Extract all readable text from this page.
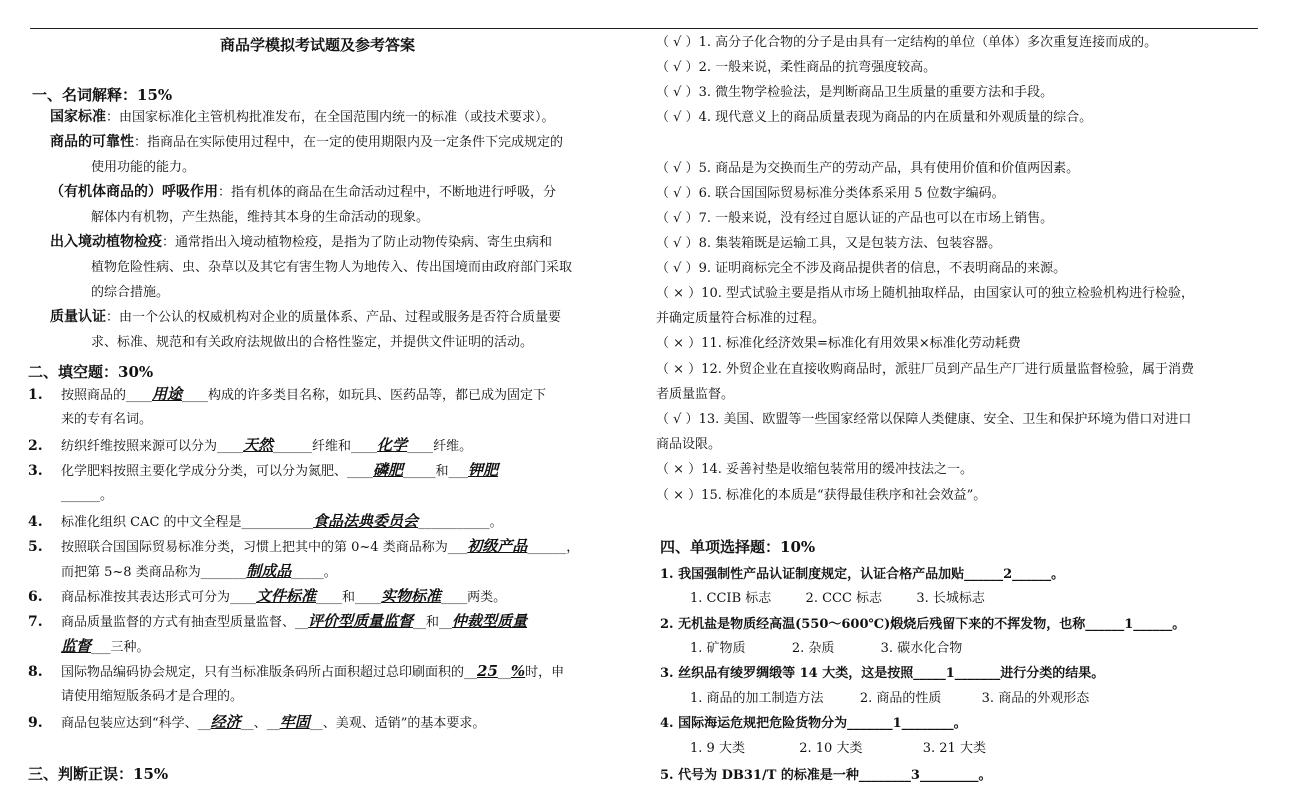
商品学模拟考试题及参考答案
一、名词解释：15%
国家标准：由国家标准化主管机构批准发布，在全国范围内统一的标准（或技术要求）。
商品的可靠性：指商品在实际使用过程中，在一定的使用期限内及一定条件下完成规定的
使用功能的能力。
（有机体商品的）呼吸作用：指有机体的商品在生命活动过程中，不断地进行呼吸，分
解体内有机物，产生热能，维持其本身的生命活动的现象。
出入境动植物检疫：通常指出入境动植物检疫，是指为了防止动物传染病、寄生虫病和
植物危险性病、虫、杂草以及其它有害生物人为地传入、传出国境而由政府部门采取
的综合措施。
质量认证：由一个公认的权威机构对企业的质量体系、产品、过程或服务是否符合质量要
求、标准、规范和有关政府法规做出的合格性鉴定，并提供文件证明的活动。
二、填空题：30%
1. 按照商品的____用途____构成的许多类目名称，如玩具、医药品等，都已成为固定下
来的专有名词。
2. 纺织纤维按照来源可以分为____天然______纤维和____化学____纤维。
3. 化学肥料按照主要化学成分分类，可以分为氮肥、____磷肥_____和___钾肥
______。
4. 标准化组织 CAC 的中文全程是___________食品法典委员会___________。
5. 按照联合国国际贸易标准分类，习惯上把其中的第 0~4 类商品称为___初级产品______，
而把第 5~8 类商品称为_______制成品_____。
6. 商品标准按其表达形式可分为____文件标准____和____实物标准____两类。
7. 商品质量监督的方式有抽查型质量监督、__评价型质量监督__和__仲裁型质量
监督___三种。
8. 国际物品编码协会规定，只有当标准版条码所占面积超过总印刷面积的__25__%时，申
请使用缩短版条码才是合理的。
9. 商品包装应达到“科学、__经济__、__牢固__、美观、适销”的基本要求。
三、判断正误：15%
（ √ ）1. 高分子化合物的分子是由具有一定结构的单位（单体）多次重复连接而成的。
（ √ ）2. 一般来说，柔性商品的抗弯强度较高。
（ √ ）3. 微生物学检验法，是判断商品卫生质量的重要方法和手段。
（ √ ）4. 现代意义上的商品质量表现为商品的内在质量和外观质量的综合。
（ √ ）5. 商品是为交换而生产的劳动产品，具有使用价值和价值两因素。
（ √ ）6. 联合国国际贸易标准分类体系采用 5 位数字编码。
（ √ ）7. 一般来说，没有经过自愿认证的产品也可以在市场上销售。
（ √ ）8. 集装箱既是运输工具，又是包装方法、包装容器。
（ √ ）9. 证明商标完全不涉及商品提供者的信息，不表明商品的来源。
（ × ）10. 型式试验主要是指从市场上随机抽取样品，由国家认可的独立检验机构进行检验，
并确定质量符合标准的过程。
（ × ）11. 标准化经济效果=标准化有用效果×标准化劳动耗费
（ × ）12. 外贸企业在直接收购商品时，派驻厂员到产品生产厂进行质量监督检验，属于消费
者质量监督。
（ √ ）13. 美国、欧盟等一些国家经常以保障人类健康、安全、卫生和保护环境为借口对进口
商品设限。
（ × ）14. 妥善衬垫是收缩包装常用的缓冲技法之一。
（ × ）15. 标准化的本质是“获得最佳秩序和社会效益”。
四、单项选择题：10%
1. 我国强制性产品认证制度规定，认证合格产品加贴______2______。
1. CCIB 标志	2. CCC 标志	3. 长城标志
2. 无机盐是物质经高温(550～600℃)煅烧后残留下来的不挥发物，也称______1______。
1. 矿物质	2. 杂质	3. 碳水化合物
3. 丝织品有绫罗绸缎等 14 大类，这是按照_____1_______进行分类的结果。
1. 商品的加工制造方法	2. 商品的性质	3. 商品的外观形态
4. 国际海运危规把危险货物分为_______1________。
1. 9 大类	2. 10 大类	3. 21 大类
5. 代号为 DB31/T 的标准是一种________3_________。
